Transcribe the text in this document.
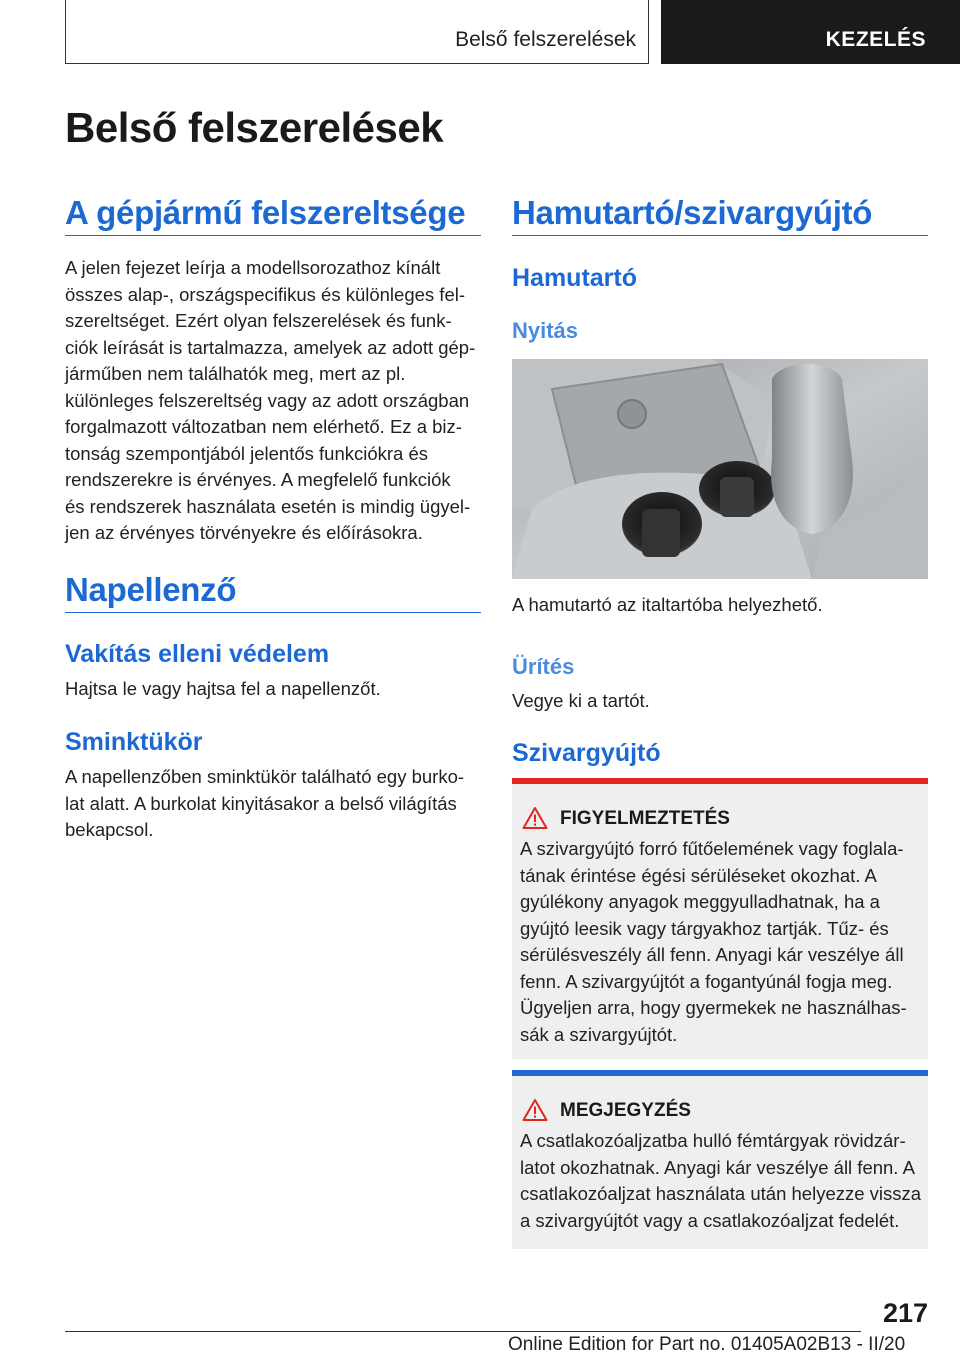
Belső felszerelések	KEZELÉS
Belső felszerelések
A gépjármű felszereltsége
A jelen fejezet leírja a modellsorozathoz kínált
összes alap-, országspecifikus és különleges fel-
szereltséget. Ezért olyan felszerelések és funk-
ciók leírását is tartalmazza, amelyek az adott gép-
járműben nem találhatók meg, mert az pl.
különleges felszereltség vagy az adott országban
forgalmazott változatban nem elérhető. Ez a biz-
tonság szempontjából jelentős funkciókra és
rendszerekre is érvényes. A megfelelő funkciók
és rendszerek használata esetén is mindig ügyel-
jen az érvényes törvényekre és előírásokra.
Napellenző
Vakítás elleni védelem
Hajtsa le vagy hajtsa fel a napellenzőt.
Sminktükör
A napellenzőben sminktükör található egy burko-
lat alatt. A burkolat kinyitásakor a belső világítás
bekapcsol.
Hamutartó/szivargyújtó
Hamutartó
Nyitás
A hamutartó az italtartóba helyezhető.
Ürítés
Vegye ki a tartót.
Szivargyújtó
FIGYELMEZTETÉS
A szivargyújtó forró fűtőelemének vagy foglala-
tának érintése égési sérüléseket okozhat. A
gyúlékony anyagok meggyulladhatnak, ha a
gyújtó leesik vagy tárgyakhoz tartják. Tűz- és
sérülésveszély áll fenn. Anyagi kár veszélye áll
fenn. A szivargyújtót a fogantyúnál fogja meg.
Ügyeljen arra, hogy gyermekek ne használhas-
sák a szivargyújtót.
MEGJEGYZÉS
A csatlakozóaljzatba hulló fémtárgyak rövidzár-
latot okozhatnak. Anyagi kár veszélye áll fenn. A
csatlakozóaljzat használata után helyezze vissza
a szivargyújtót vagy a csatlakozóaljzat fedelét.
217
Online Edition for Part no. 01405A02B13 - II/20
